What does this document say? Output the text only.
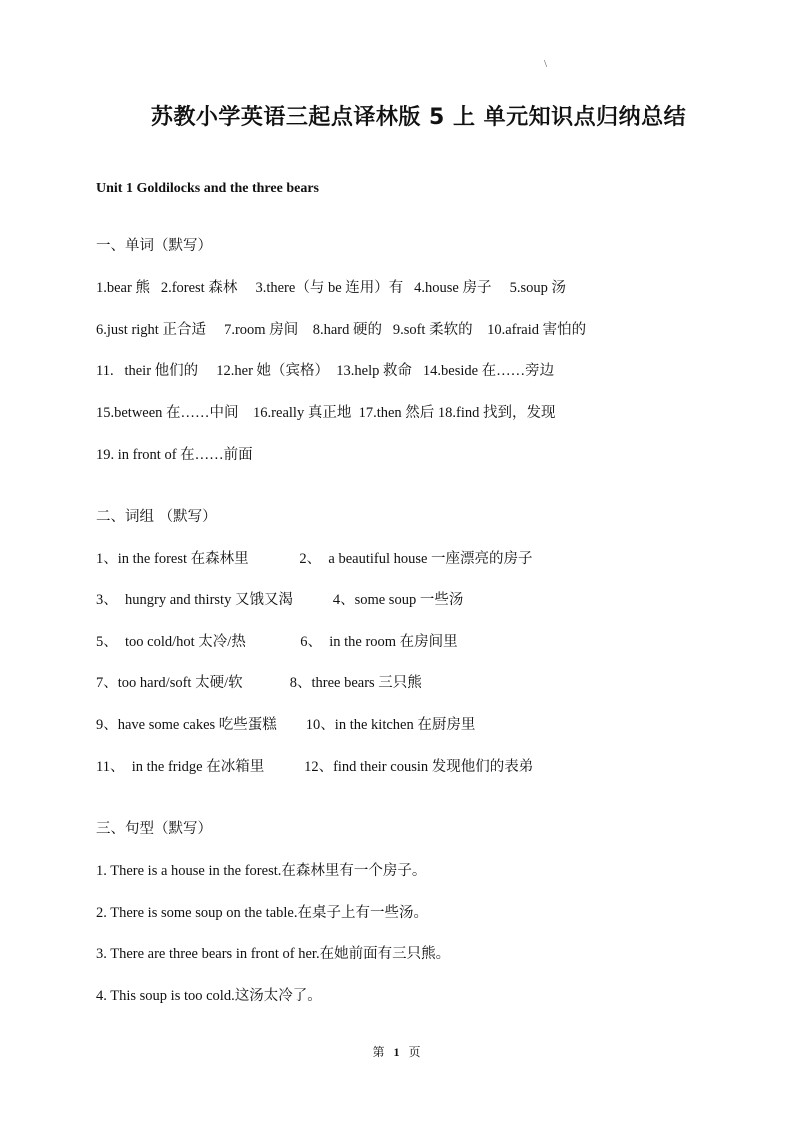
\
苏教小学英语三起点译林版 5 上 单元知识点归纳总结
Unit 1 Goldilocks and the three bears
一、单词（默写）
1.bear 熊   2.forest 森林     3.there（与 be 连用）有   4.house 房子     5.soup 汤
6.just right 正合适     7.room 房间    8.hard 硬的   9.soft 柔软的    10.afraid 害怕的
11.   their 他们的     12.her 她（宾格）  13.help 救命   14.beside 在……旁边
15.between 在……中间    16.really 真正地  17.then 然后 18.find 找到，发现
19. in front of 在……前面
二、词组 （默写）
1、in the forest 在森林里              2、  a beautiful house 一座漂亮的房子
3、  hungry and thirsty 又饿又渴           4、some soup 一些汤
5、  too cold/hot 太冷/热               6、  in the room 在房间里
7、too hard/soft 太硬/软             8、three bears 三只熊
9、have some cakes 吃些蛋糕        10、in the kitchen 在厨房里
11、  in the fridge 在冰箱里           12、find their cousin 发现他们的表弟
三、句型（默写）
1. There is a house in the forest.在森林里有一个房子。
2. There is some soup on the table.在桌子上有一些汤。
3. There are three bears in front of her.在她前面有三只熊。
4. This soup is too cold.这汤太冷了。
第 1 页
